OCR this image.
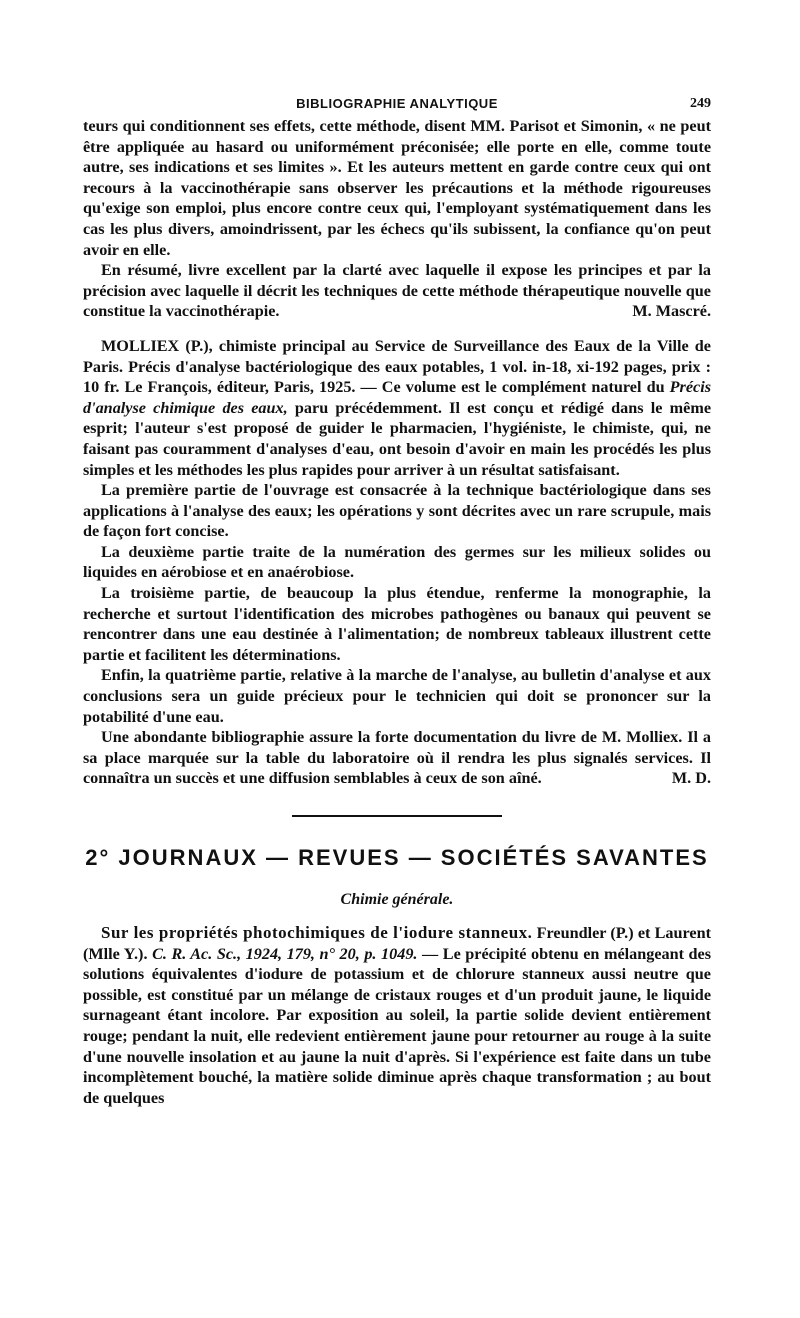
BIBLIOGRAPHIE ANALYTIQUE	249

teurs qui conditionnent ses effets, cette méthode, disent MM. Parisot et Simonin, « ne peut être appliquée au hasard ou uniformément préconisée; elle porte en elle, comme toute autre, ses indications et ses limites ». Et les auteurs mettent en garde contre ceux qui ont recours à la vaccinothérapie sans observer les précautions et la méthode rigoureuses qu'exige son emploi, plus encore contre ceux qui, l'employant systématiquement dans les cas les plus divers, amoindrissent, par les échecs qu'ils subissent, la confiance qu'on peut avoir en elle.

En résumé, livre excellent par la clarté avec laquelle il expose les principes et par la précision avec laquelle il décrit les techniques de cette méthode thérapeutique nouvelle que constitue la vaccinothérapie.	M. Mascré.

MOLLIEX (P.), chimiste principal au Service de Surveillance des Eaux de la Ville de Paris. Précis d'analyse bactériologique des eaux potables, 1 vol. in-18, xi-192 pages, prix : 10 fr. Le François, éditeur, Paris, 1925. — Ce volume est le complément naturel du Précis d'analyse chimique des eaux, paru précédemment. Il est conçu et rédigé dans le même esprit; l'auteur s'est proposé de guider le pharmacien, l'hygiéniste, le chimiste, qui, ne faisant pas couramment d'analyses d'eau, ont besoin d'avoir en main les procédés les plus simples et les méthodes les plus rapides pour arriver à un résultat satisfaisant.

La première partie de l'ouvrage est consacrée à la technique bactériologique dans ses applications à l'analyse des eaux; les opérations y sont décrites avec un rare scrupule, mais de façon fort concise.

La deuxième partie traite de la numération des germes sur les milieux solides ou liquides en aérobiose et en anaérobiose.

La troisième partie, de beaucoup la plus étendue, renferme la monographie, la recherche et surtout l'identification des microbes pathogènes ou banaux qui peuvent se rencontrer dans une eau destinée à l'alimentation; de nombreux tableaux illustrent cette partie et facilitent les déterminations.

Enfin, la quatrième partie, relative à la marche de l'analyse, au bulletin d'analyse et aux conclusions sera un guide précieux pour le technicien qui doit se prononcer sur la potabilité d'une eau.

Une abondante bibliographie assure la forte documentation du livre de M. Molliex. Il a sa place marquée sur la table du laboratoire où il rendra les plus signalés services. Il connaîtra un succès et une diffusion semblables à ceux de son aîné.	M. D.

2° JOURNAUX — REVUES — SOCIÉTÉS SAVANTES

Chimie générale.

Sur les propriétés photochimiques de l'iodure stanneux. Freundler (P.) et Laurent (Mlle Y.). C. R. Ac. Sc., 1924, 179, n° 20, p. 1049. — Le précipité obtenu en mélangeant des solutions équivalentes d'iodure de potassium et de chlorure stanneux aussi neutre que possible, est constitué par un mélange de cristaux rouges et d'un produit jaune, le liquide surnageant étant incolore. Par exposition au soleil, la partie solide devient entièrement rouge; pendant la nuit, elle redevient entièrement jaune pour retourner au rouge à la suite d'une nouvelle insolation et au jaune la nuit d'après. Si l'expérience est faite dans un tube incomplètement bouché, la matière solide diminue après chaque transformation ; au bout de quelques
